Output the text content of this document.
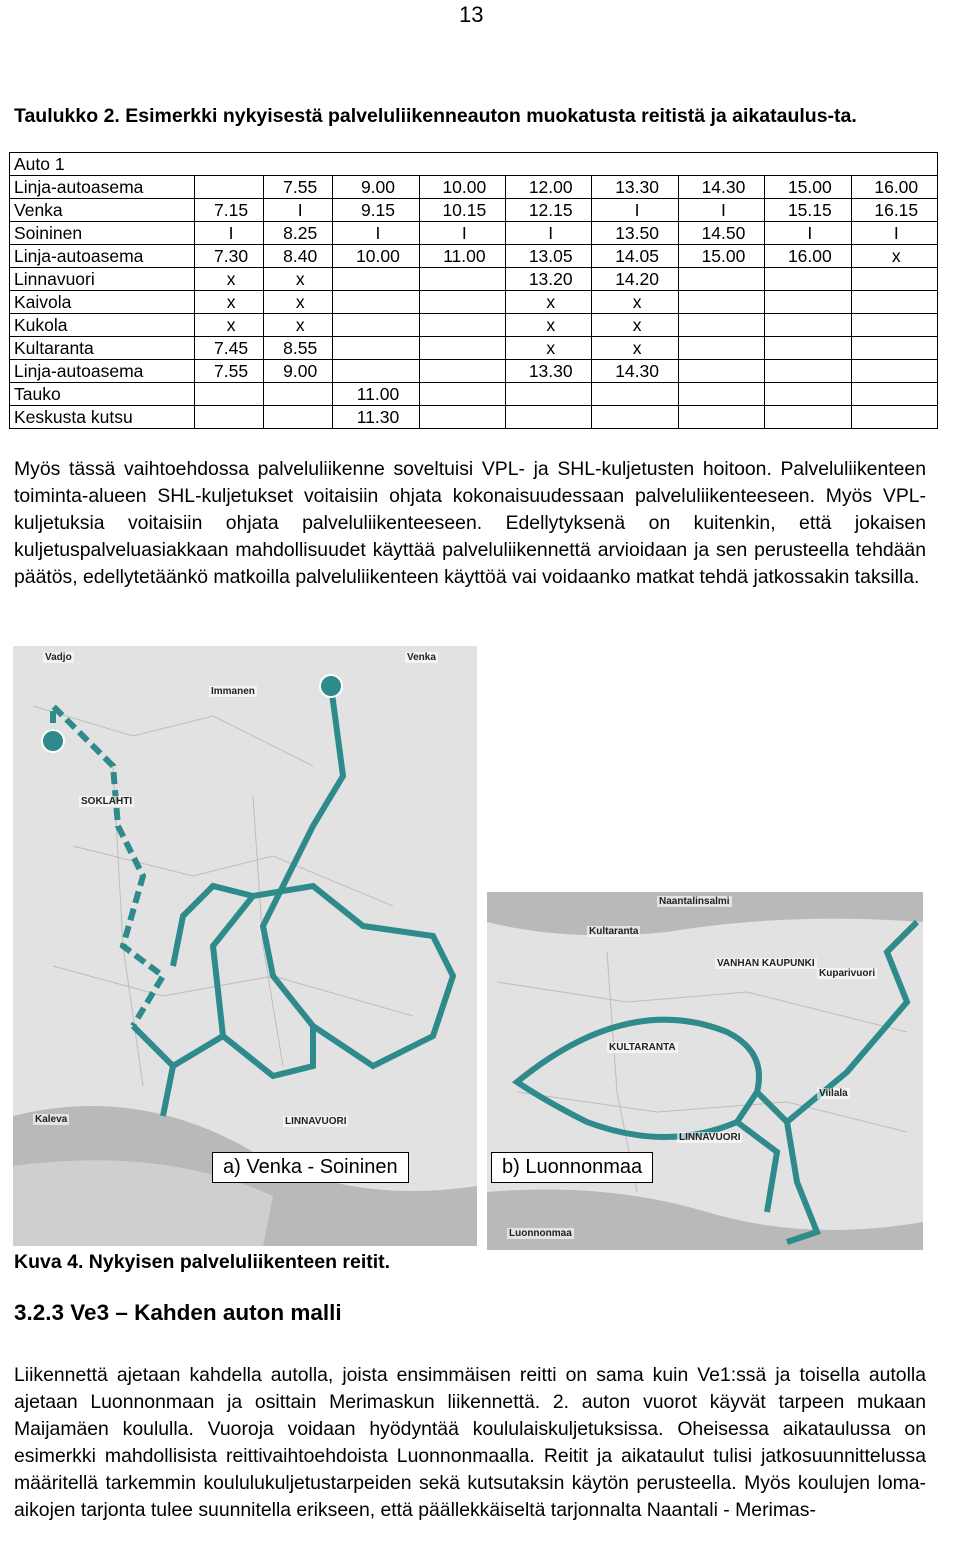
13
Taulukko 2. Esimerkki nykyisestä palveluliikenneauton muokatusta reitistä ja aikataulus-ta.
Auto 1									
Linja-autoasema		7.55	9.00	10.00	12.00	13.30	14.30	15.00	16.00
Venka	7.15	I	9.15	10.15	12.15	I	I	15.15	16.15
Soininen	I	8.25	I	I	I	13.50	14.50	I	I
Linja-autoasema	7.30	8.40	10.00	11.00	13.05	14.05	15.00	16.00	x
Linnavuori	x	x			13.20	14.20			
Kaivola	x	x			x	x			
Kukola	x	x			x	x			
Kultaranta	7.45	8.55			x	x			
Linja-autoasema	7.55	9.00			13.30	14.30			
Tauko			11.00						
Keskusta kutsu			11.30						

Myös tässä vaihtoehdossa palveluliikenne soveltuisi VPL- ja SHL-kuljetusten hoitoon. Palveluliikenteen toiminta-alueen SHL-kuljetukset voitaisiin ohjata kokonaisuudessaan palveluliikenteeseen. Myös VPL-kuljetuksia voitaisiin ohjata palveluliikenteeseen. Edellytyksenä on kuitenkin, että jokaisen kuljetuspalveluasiakkaan mahdollisuudet käyttää palveluliikennettä arvioidaan ja sen perusteella tehdään päätös, edellytetäänkö matkoilla palveluliikenteen käyttöä vai voidaanko matkat tehdä jatkossakin taksilla.

Vadjo	Venka
Immanen
SOKLAHTI
LINNAVUORI
Kaleva
Naantalinsalmi
Kultaranta
VANHAN KAUPUNKI
KULTARANTA
Kuparivuori
LINNAVUORI
Viilala
Luonnonmaa
a) Venka - Soininen	b) Luonnonmaa
Kuva 4. Nykyisen palveluliikenteen reitit.
3.2.3 Ve3 – Kahden auton malli

Liikennettä ajetaan kahdella autolla, joista ensimmäisen reitti on sama kuin Ve1:ssä ja toisella autolla ajetaan Luonnonmaan ja osittain Merimaskun liikennettä. 2. auton vuorot käyvät tarpeen mukaan Maijamäen koululla. Vuoroja voidaan hyödyntää koululaiskuljetuksissa. Oheisessa aikataulussa on esimerkki mahdollisista reittivaihtoehdoista Luonnonmaalla. Reitit ja aikataulut tulisi jatkosuunnittelussa määritellä tarkemmin koululukuljetustarpeiden sekä kutsutaksin käytön perusteella. Myös koulujen loma-aikojen tarjonta tulee suunnitella erikseen, että päällekkäiseltä tarjonnalta Naantali - Merimas-
